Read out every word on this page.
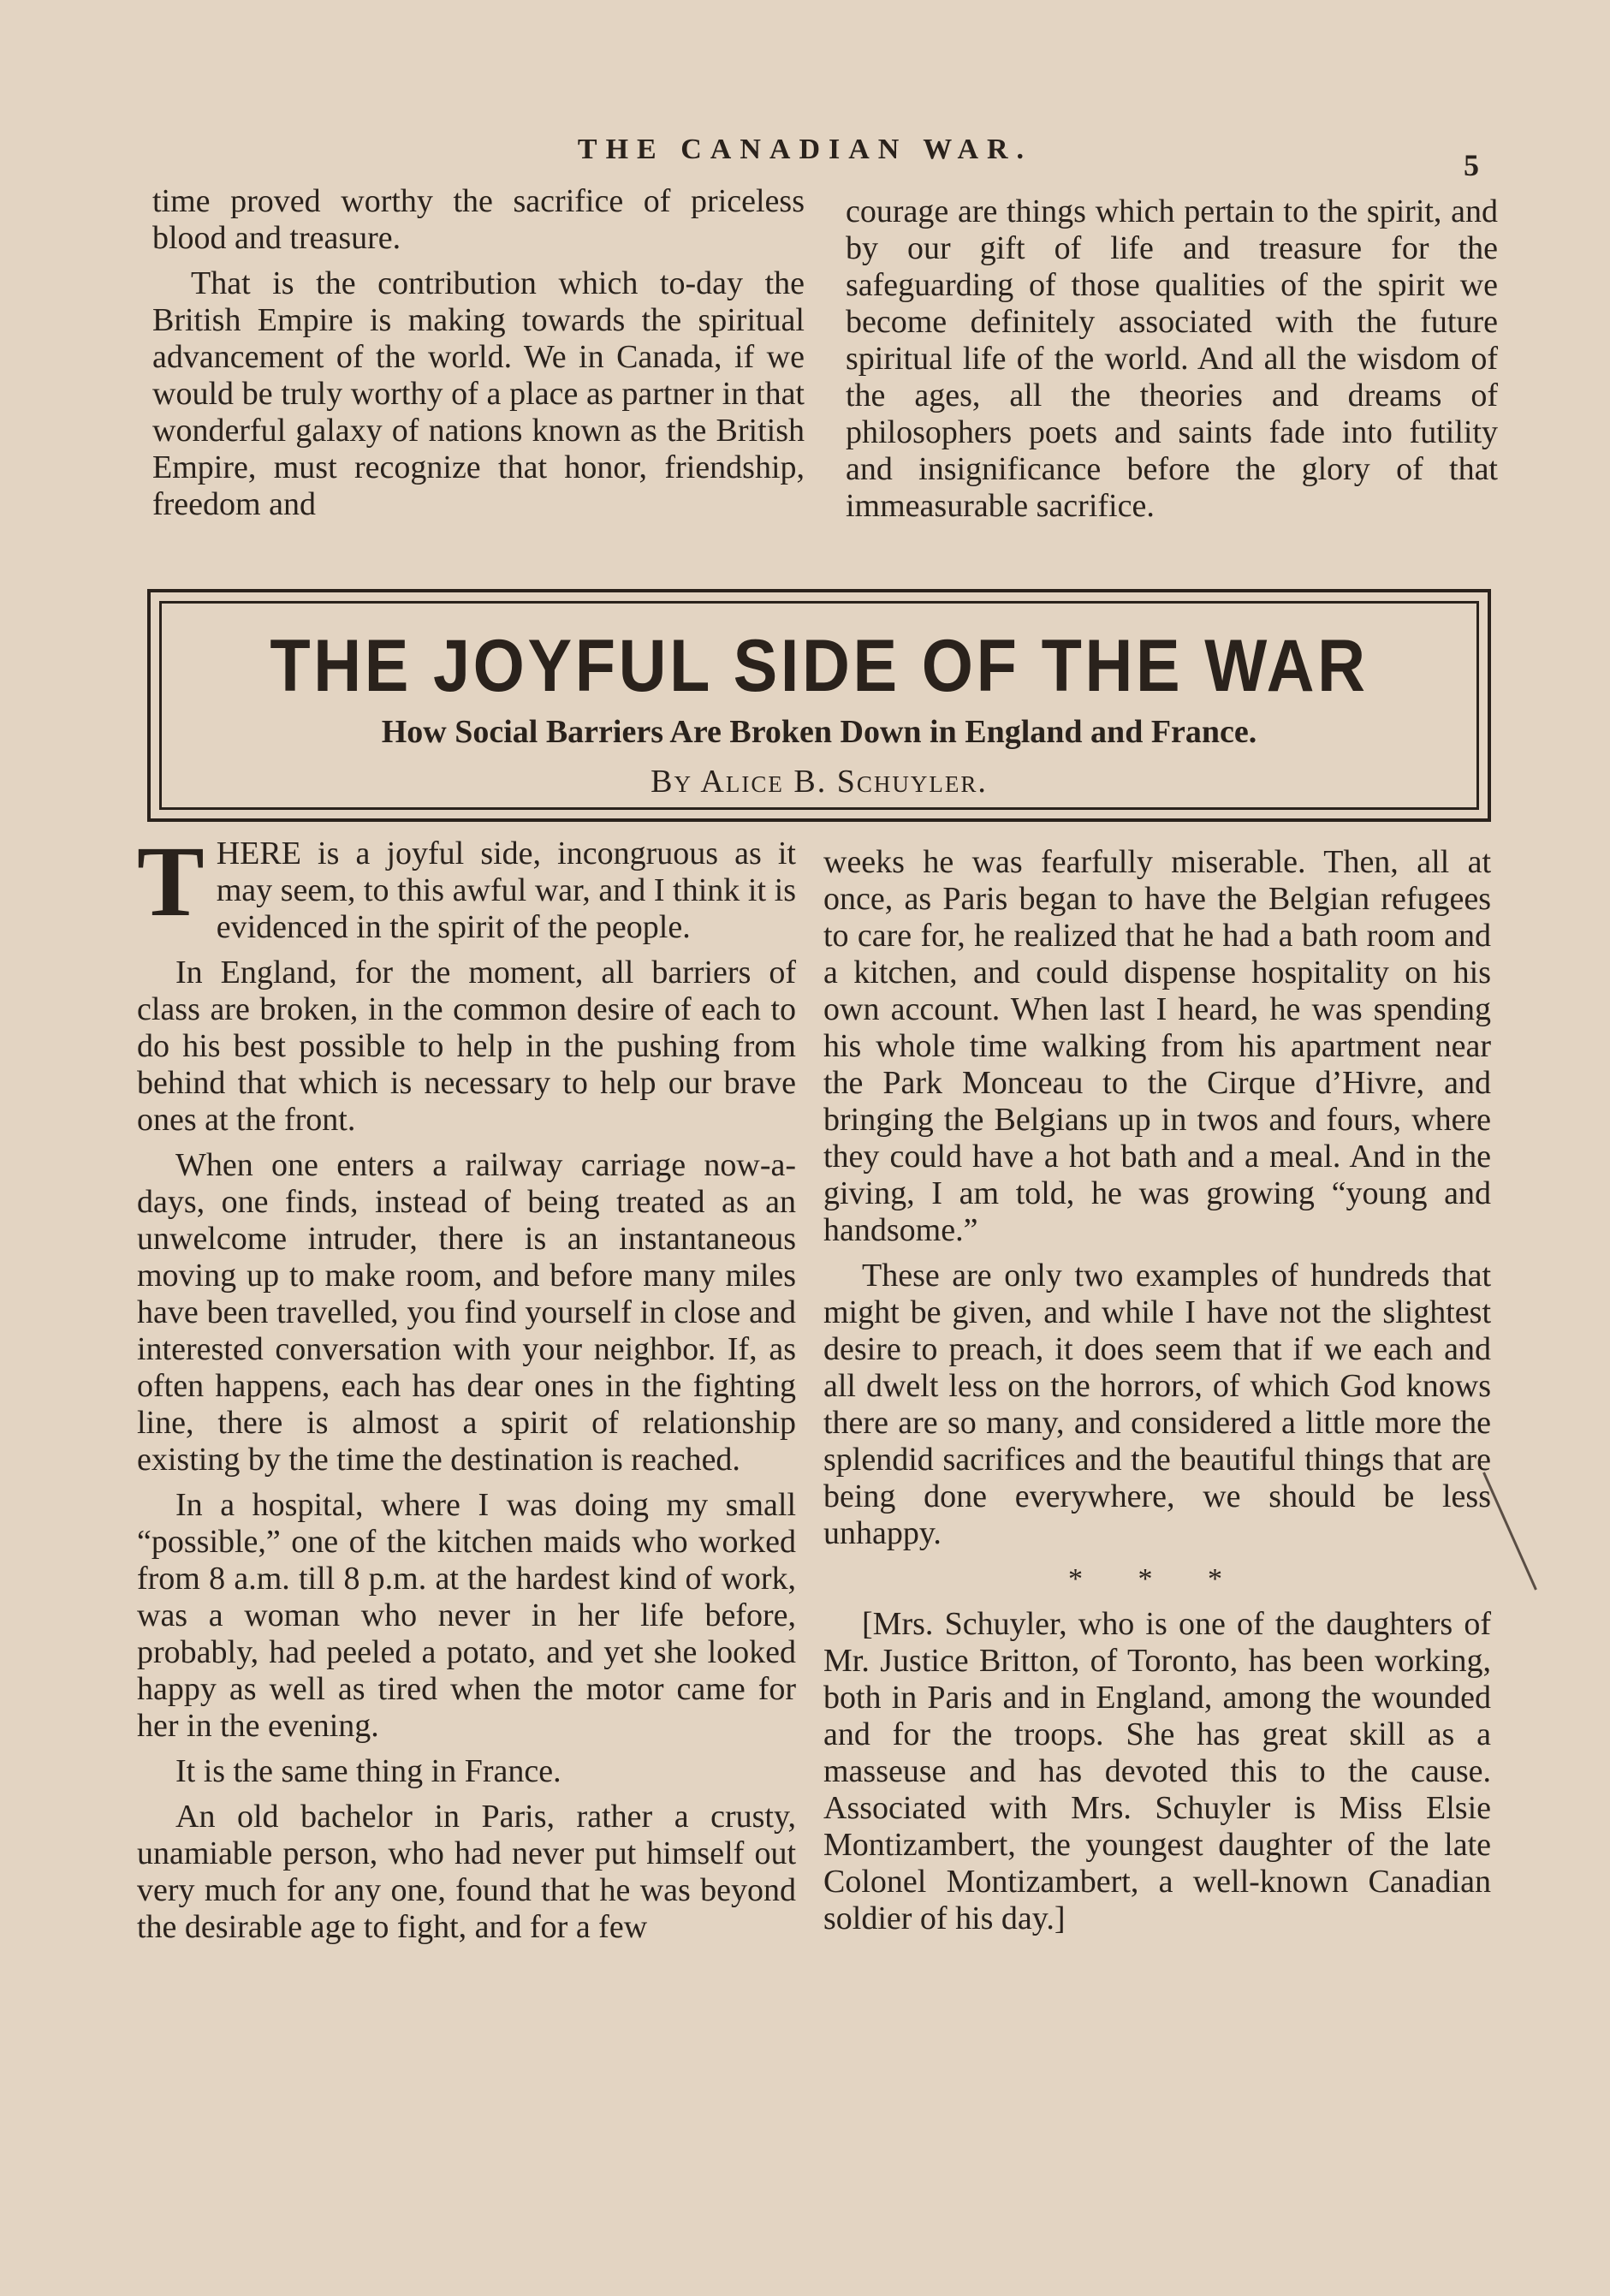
THE CANADIAN WAR.	5

time proved worthy the sacrifice of priceless blood and treasure.

That is the contribution which to-day the British Empire is making towards the spiritual advancement of the world. We in Canada, if we would be truly worthy of a place as partner in that wonderful galaxy of nations known as the British Empire, must recognize that honor, friendship, freedom and

courage are things which pertain to the spirit, and by our gift of life and treasure for the safeguarding of those qualities of the spirit we become definitely associated with the future spiritual life of the world. And all the wisdom of the ages, all the theories and dreams of philosophers poets and saints fade into futility and insignificance before the glory of that immeasurable sacrifice.

THE JOYFUL SIDE OF THE WAR
How Social Barriers Are Broken Down in England and France.
By Alice B. Schuyler.

THERE is a joyful side, incongruous as it may seem, to this awful war, and I think it is evidenced in the spirit of the people.

In England, for the moment, all barriers of class are broken, in the common desire of each to do his best possible to help in the pushing from behind that which is necessary to help our brave ones at the front.

When one enters a railway carriage now-a-days, one finds, instead of being treated as an unwelcome intruder, there is an instantaneous moving up to make room, and before many miles have been travelled, you find yourself in close and interested conversation with your neighbor. If, as often happens, each has dear ones in the fighting line, there is almost a spirit of relationship existing by the time the destination is reached.

In a hospital, where I was doing my small “possible,” one of the kitchen maids who worked from 8 a.m. till 8 p.m. at the hardest kind of work, was a woman who never in her life before, probably, had peeled a potato, and yet she looked happy as well as tired when the motor came for her in the evening.

It is the same thing in France.

An old bachelor in Paris, rather a crusty, unamiable person, who had never put himself out very much for any one, found that he was beyond the desirable age to fight, and for a few

weeks he was fearfully miserable. Then, all at once, as Paris began to have the Belgian refugees to care for, he realized that he had a bath room and a kitchen, and could dispense hospitality on his own account. When last I heard, he was spending his whole time walking from his apartment near the Park Monceau to the Cirque d’Hivre, and bringing the Belgians up in twos and fours, where they could have a hot bath and a meal. And in the giving, I am told, he was growing “young and handsome.”

These are only two examples of hundreds that might be given, and while I have not the slightest desire to preach, it does seem that if we each and all dwelt less on the horrors, of which God knows there are so many, and considered a little more the splendid sacrifices and the beautiful things that are being done everywhere, we should be less unhappy.

* * *

[Mrs. Schuyler, who is one of the daughters of Mr. Justice Britton, of Toronto, has been working, both in Paris and in England, among the wounded and for the troops. She has great skill as a masseuse and has devoted this to the cause. Associated with Mrs. Schuyler is Miss Elsie Montizambert, the youngest daughter of the late Colonel Montizambert, a well-known Canadian soldier of his day.]
